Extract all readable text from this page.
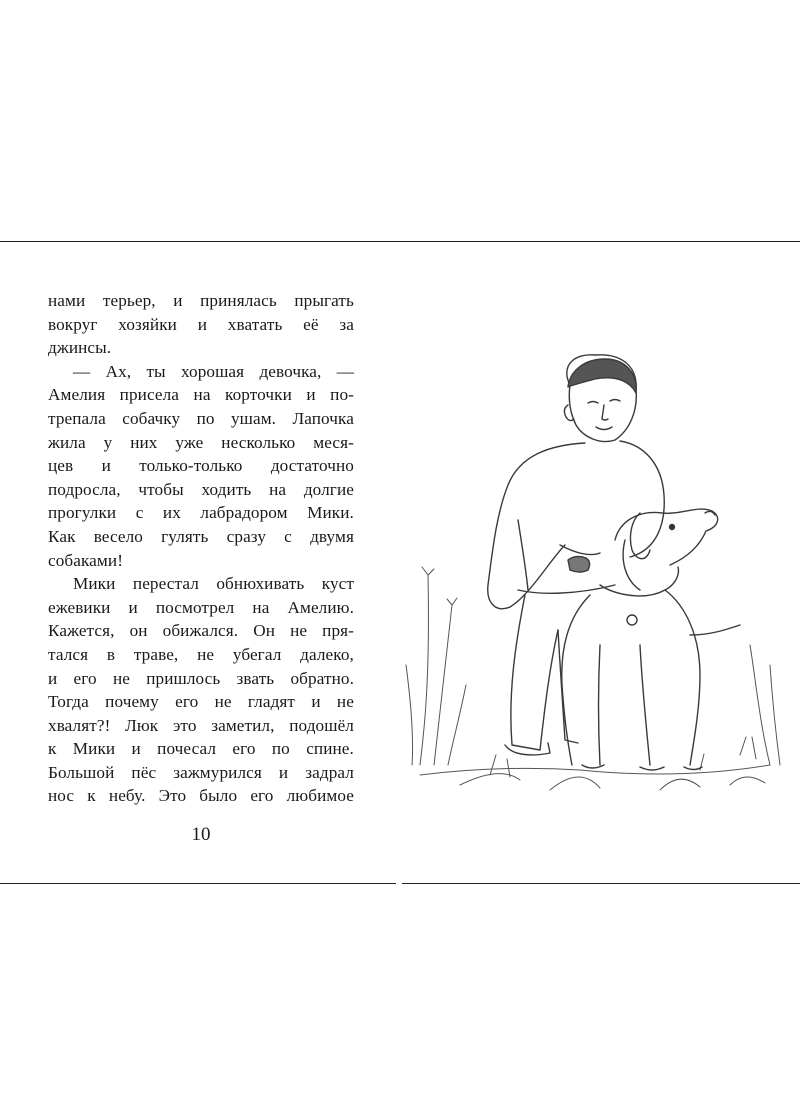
нами терьер, и принялась прыгать
вокруг хозяйки и хватать её за
джинсы.
— Ах, ты хорошая девочка, —
Амелия присела на корточки и по-
трепала собачку по ушам. Лапочка
жила у них уже несколько меся-
цев и только-только достаточно
подросла, чтобы ходить на долгие
прогулки с их лабрадором Мики.
Как весело гулять сразу с двумя
собаками!
Мики перестал обнюхивать куст
ежевики и посмотрел на Амелию.
Кажется, он обижался. Он не пря-
тался в траве, не убегал далеко,
и его не пришлось звать обратно.
Тогда почему его не гладят и не
хвалят?! Люк это заметил, подошёл
к Мики и почесал его по спине.
Большой пёс зажмурился и задрал
нос к небу. Это было его любимое
10
